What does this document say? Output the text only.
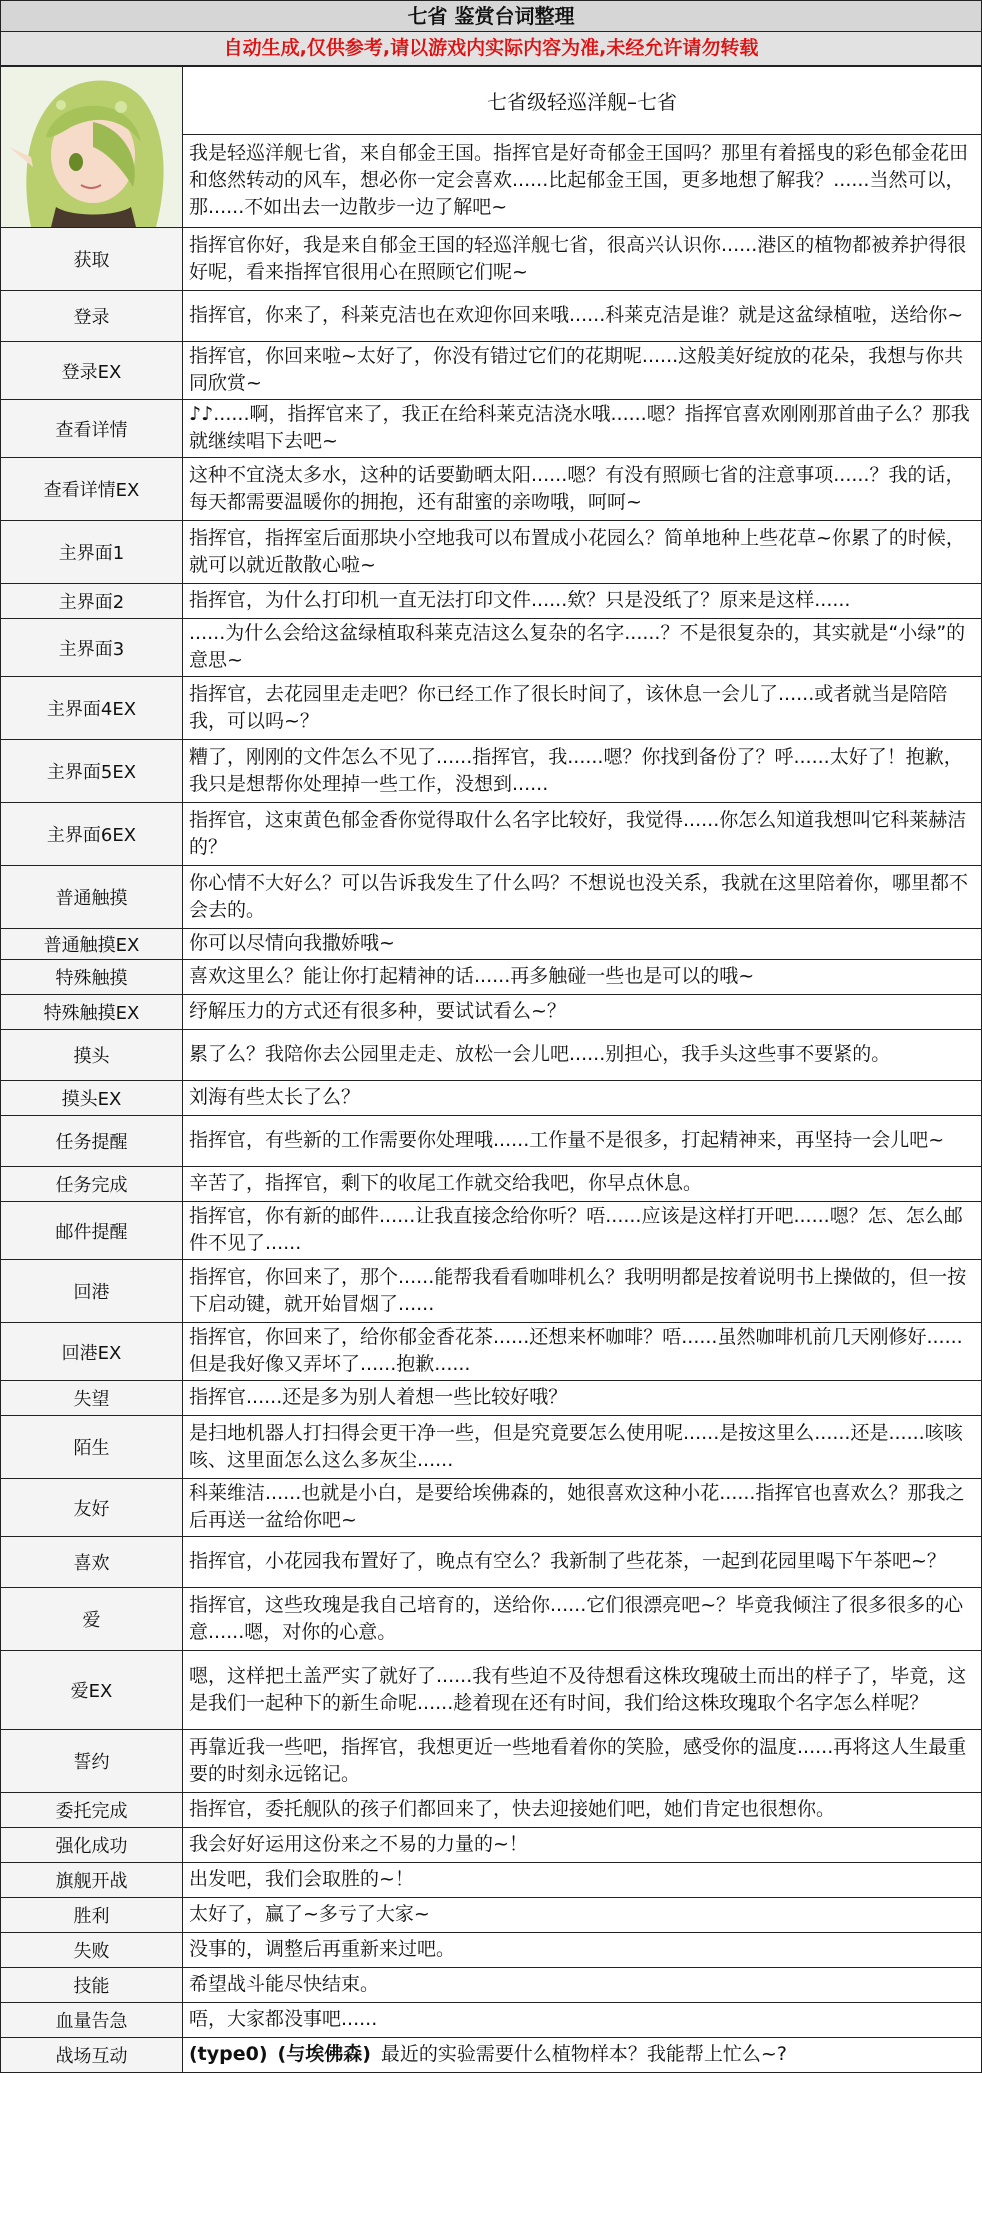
七省 鉴赏台词整理
自动生成,仅供参考,请以游戏内实际内容为准,未经允许请勿转载
	七省级轻巡洋舰–七省
	我是轻巡洋舰七省，来自郁金王国。指挥官是好奇郁金王国吗？那里有着摇曳的彩色郁金花田和悠然转动的风车，想必你一定会喜欢......比起郁金王国，更多地想了解我？......当然可以，那......不如出去一边散步一边了解吧~
获取	指挥官你好，我是来自郁金王国的轻巡洋舰七省，很高兴认识你......港区的植物都被养护得很好呢，看来指挥官很用心在照顾它们呢~
登录	指挥官，你来了，科莱克洁也在欢迎你回来哦......科莱克洁是谁？就是这盆绿植啦，送给你~
登录EX	指挥官，你回来啦~太好了，你没有错过它们的花期呢......这般美好绽放的花朵，我想与你共同欣赏~
查看详情	♪♪......啊，指挥官来了，我正在给科莱克洁浇水哦......嗯？指挥官喜欢刚刚那首曲子么？那我就继续唱下去吧~
查看详情EX	这种不宜浇太多水，这种的话要勤晒太阳......嗯？有没有照顾七省的注意事项......？我的话，每天都需要温暖你的拥抱，还有甜蜜的亲吻哦，呵呵~
主界面1	指挥官，指挥室后面那块小空地我可以布置成小花园么？简单地种上些花草~你累了的时候，就可以就近散散心啦~
主界面2	指挥官，为什么打印机一直无法打印文件......欸？只是没纸了？原来是这样......
主界面3	......为什么会给这盆绿植取科莱克洁这么复杂的名字......？不是很复杂的，其实就是“小绿”的意思~
主界面4EX	指挥官，去花园里走走吧？你已经工作了很长时间了，该休息一会儿了......或者就当是陪陪我，可以吗~？
主界面5EX	糟了，刚刚的文件怎么不见了......指挥官，我......嗯？你找到备份了？呼......太好了！抱歉，我只是想帮你处理掉一些工作，没想到......
主界面6EX	指挥官，这束黄色郁金香你觉得取什么名字比较好，我觉得......你怎么知道我想叫它科莱赫洁的？
普通触摸	你心情不大好么？可以告诉我发生了什么吗？不想说也没关系，我就在这里陪着你，哪里都不会去的。
普通触摸EX	你可以尽情向我撒娇哦~
特殊触摸	喜欢这里么？能让你打起精神的话......再多触碰一些也是可以的哦~
特殊触摸EX	纾解压力的方式还有很多种，要试试看么~？
摸头	累了么？我陪你去公园里走走、放松一会儿吧......别担心，我手头这些事不要紧的。
摸头EX	刘海有些太长了么？
任务提醒	指挥官，有些新的工作需要你处理哦......工作量不是很多，打起精神来，再坚持一会儿吧~
任务完成	辛苦了，指挥官，剩下的收尾工作就交给我吧，你早点休息。
邮件提醒	指挥官，你有新的邮件......让我直接念给你听？唔......应该是这样打开吧......嗯？怎、怎么邮件不见了......
回港	指挥官，你回来了，那个......能帮我看看咖啡机么？我明明都是按着说明书上操做的，但一按下启动键，就开始冒烟了......
回港EX	指挥官，你回来了，给你郁金香花茶......还想来杯咖啡？唔......虽然咖啡机前几天刚修好......但是我好像又弄坏了......抱歉......
失望	指挥官......还是多为别人着想一些比较好哦？
陌生	是扫地机器人打扫得会更干净一些，但是究竟要怎么使用呢......是按这里么......还是......咳咳咳、这里面怎么这么多灰尘......
友好	科莱维洁......也就是小白，是要给埃佛森的，她很喜欢这种小花......指挥官也喜欢么？那我之后再送一盆给你吧~
喜欢	指挥官，小花园我布置好了，晚点有空么？我新制了些花茶，一起到花园里喝下午茶吧~？
爱	指挥官，这些玫瑰是我自己培育的，送给你......它们很漂亮吧~？毕竟我倾注了很多很多的心意......嗯，对你的心意。
爱EX	嗯，这样把土盖严实了就好了......我有些迫不及待想看这株玫瑰破土而出的样子了，毕竟，这是我们一起种下的新生命呢......趁着现在还有时间，我们给这株玫瑰取个名字怎么样呢？
誓约	再靠近我一些吧，指挥官，我想更近一些地看着你的笑脸，感受你的温度......再将这人生最重要的时刻永远铭记。
委托完成	指挥官，委托舰队的孩子们都回来了，快去迎接她们吧，她们肯定也很想你。
强化成功	我会好好运用这份来之不易的力量的~！
旗舰开战	出发吧，我们会取胜的~！
胜利	太好了，赢了~多亏了大家~
失败	没事的，调整后再重新来过吧。
技能	希望战斗能尽快结束。
血量告急	唔，大家都没事吧......
战场互动	(type0) (与埃佛森) 最近的实验需要什么植物样本？我能帮上忙么~?
